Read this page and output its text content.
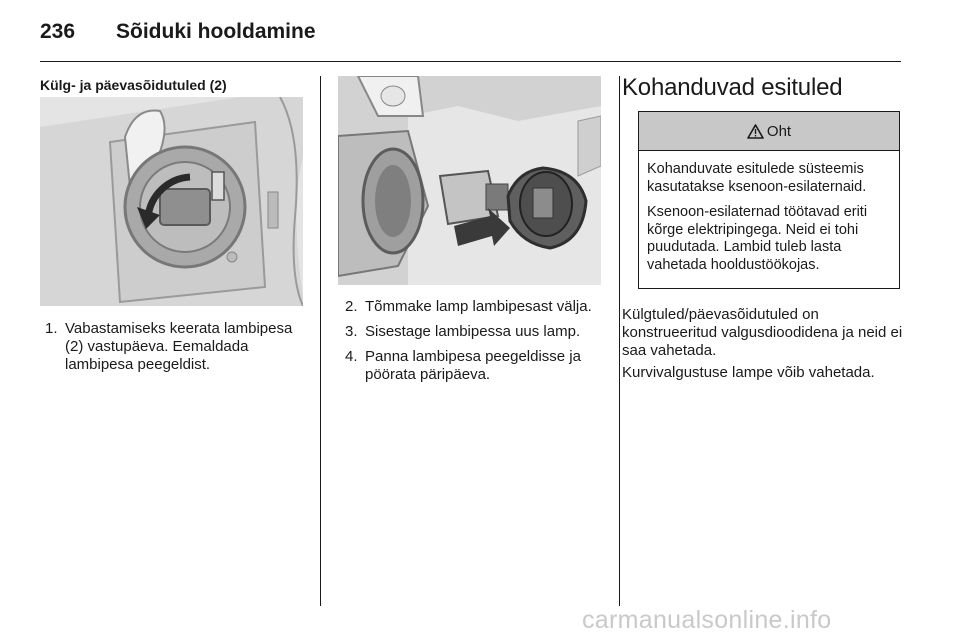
236 Sõiduki hooldamine
Külg- ja päevasõidutuled (2)
1. Vabastamiseks keerata lambipesa (2) vastupäeva. Eemaldada lambipesa peegeldist.
2. Tõmmake lamp lambipesast välja.
3. Sisestage lambipessa uus lamp.
4. Panna lambipesa peegeldisse ja pöörata päripäeva.
Kohanduvad esituled
Oht

Kohanduvate esitulede süsteemis kasutatakse ksenoon-esilaternaid.

Ksenoon-esilaternad töötavad eriti kõrge elektripingega. Neid ei tohi puudutada. Lambid tuleb lasta vahetada hooldustöökojas.

Külgtuled/päevasõidutuled on konstrueeritud valgusdioodidena ja neid ei saa vahetada.

Kurvivalgustuse lampe võib vahetada.

carmanualsonline.info
